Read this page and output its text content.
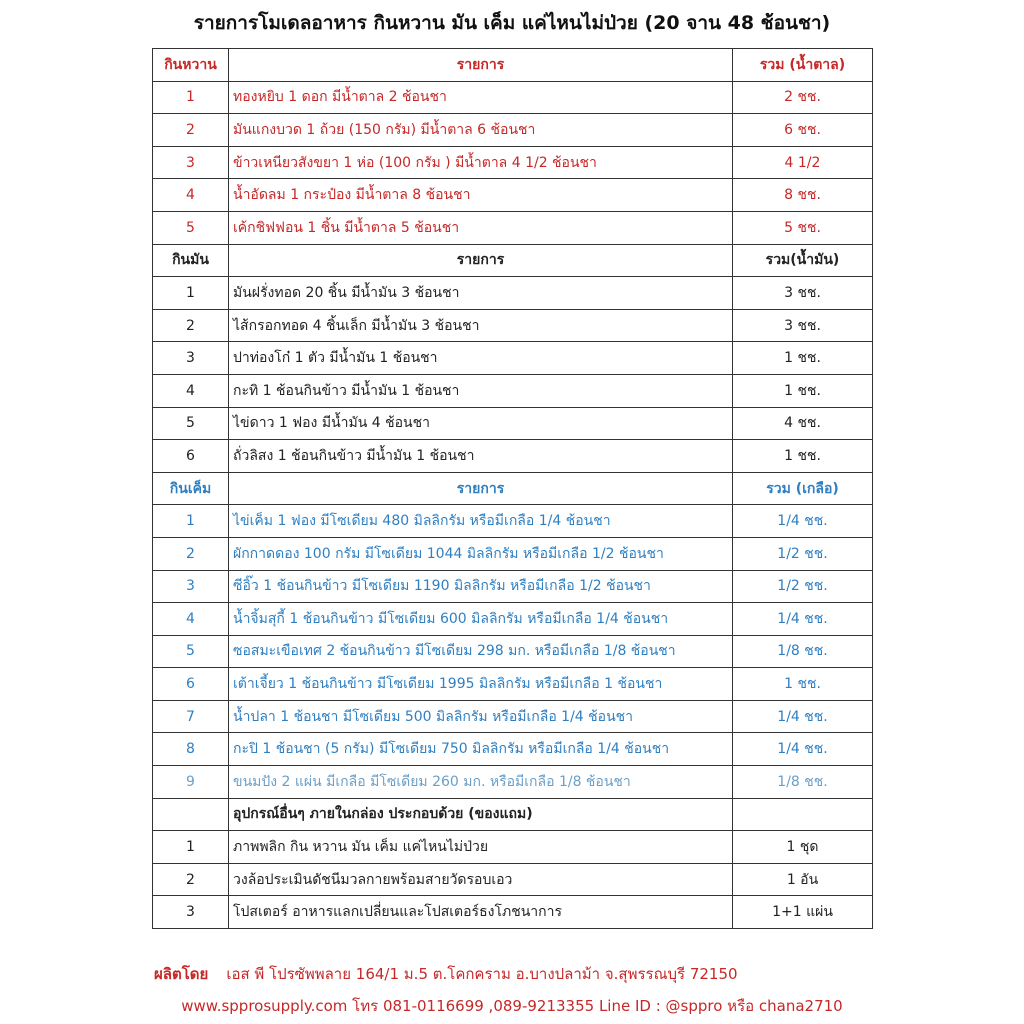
รายการโมเดลอาหาร กินหวาน มัน เค็ม แค่ไหนไม่ป่วย (20 จาน 48 ช้อนชา)
กินหวาน	รายการ	รวม (น้ำตาล)
1	ทองหยิบ 1 ดอก มีน้ำตาล 2 ช้อนชา	2 ชช.
2	มันแกงบวด 1 ถ้วย (150 กรัม) มีน้ำตาล 6 ช้อนชา	6 ชช.
3	ข้าวเหนียวสังขยา 1 ห่อ (100 กรัม ) มีน้ำตาล 4 1/2 ช้อนชา	4 1/2
4	น้ำอัดลม 1 กระป๋อง มีน้ำตาล 8 ช้อนชา	8 ชช.
5	เค้กชิฟฟอน 1 ชิ้น มีน้ำตาล 5 ช้อนชา	5 ชช.
กินมัน	รายการ	รวม(น้ำมัน)
1	มันฝรั่งทอด 20 ชิ้น มีน้ำมัน 3 ช้อนชา	3 ชช.
2	ไส้กรอกทอด 4 ชิ้นเล็ก มีน้ำมัน 3 ช้อนชา	3 ชช.
3	ปาท่องโก๋ 1 ตัว มีน้ำมัน 1 ช้อนชา	1 ชช.
4	กะทิ 1 ช้อนกินข้าว มีน้ำมัน 1 ช้อนชา	1 ชช.
5	ไข่ดาว 1 ฟอง มีน้ำมัน 4 ช้อนชา	4 ชช.
6	ถั่วลิสง 1 ช้อนกินข้าว มีน้ำมัน 1 ช้อนชา	1 ชช.
กินเค็ม	รายการ	รวม (เกลือ)
1	ไข่เค็ม 1 ฟอง มีโซเดียม 480 มิลลิกรัม หรือมีเกลือ 1/4 ช้อนชา	1/4 ชช.
2	ผักกาดดอง 100 กรัม มีโซเดียม 1044 มิลลิกรัม หรือมีเกลือ 1/2 ช้อนชา	1/2 ชช.
3	ซีอิ๊ว 1 ช้อนกินข้าว มีโซเดียม 1190 มิลลิกรัม หรือมีเกลือ 1/2 ช้อนชา	1/2 ชช.
4	น้ำจิ้มสุกี้ 1 ช้อนกินข้าว มีโซเดียม 600 มิลลิกรัม หรือมีเกลือ 1/4 ช้อนชา	1/4 ชช.
5	ซอสมะเขือเทศ 2 ช้อนกินข้าว มีโซเดียม 298 มก. หรือมีเกลือ 1/8 ช้อนชา	1/8 ชช.
6	เต้าเจี้ยว 1 ช้อนกินข้าว มีโซเดียม 1995 มิลลิกรัม หรือมีเกลือ 1 ช้อนชา	1 ชช.
7	น้ำปลา 1 ช้อนชา มีโซเดียม 500 มิลลิกรัม หรือมีเกลือ 1/4 ช้อนชา	1/4 ชช.
8	กะปิ 1 ช้อนชา (5 กรัม) มีโซเดียม 750 มิลลิกรัม หรือมีเกลือ 1/4 ช้อนชา	1/4 ชช.
9	ขนมปัง 2 แผ่น มีเกลือ มีโซเดียม 260 มก. หรือมีเกลือ 1/8 ช้อนชา	1/8 ชช.
	อุปกรณ์อื่นๆ ภายในกล่อง ประกอบด้วย (ของแถม)	
1	ภาพพลิก กิน หวาน มัน เค็ม แค่ไหนไม่ป่วย	1 ชุด
2	วงล้อประเมินดัชนีมวลกายพร้อมสายวัดรอบเอว	1 อัน
3	โปสเตอร์ อาหารแลกเปลี่ยนและโปสเตอร์ธงโภชนาการ	1+1 แผ่น
ผลิตโดย เอส พี โปรซัพพลาย 164/1 ม.5 ต.โคกคราม อ.บางปลาม้า จ.สุพรรณบุรี 72150
www.spprosupply.com โทร 081-0116699 ,089-9213355 Line ID : @sppro หรือ chana2710
